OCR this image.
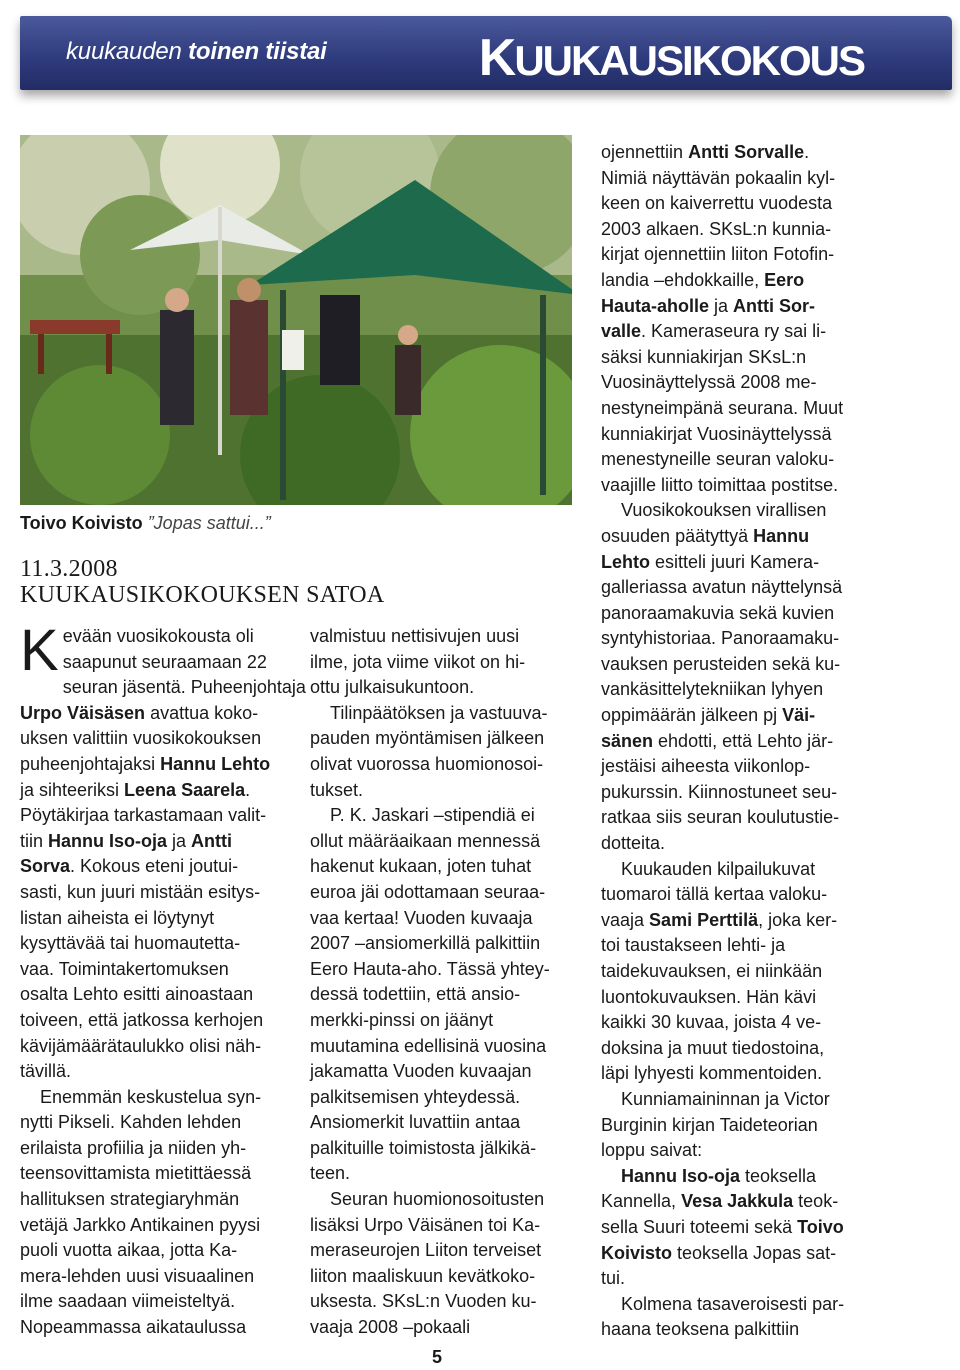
kuukauden toinen tiistai	KUUKAUSIKOKOUS
Toivo Koivisto ”Jopas sattui...”
11.3.2008
KUUKAUSIKOKOUKSEN SATOA

K evään vuosikokousta oli
saapunut seuraamaan 22

seuran jäsentä. Puheenjohtaja
Urpo Väisäsen avattua koko-
uksen valittiin vuosikokouksen
puheenjohtajaksi Hannu Lehto
ja sihteeriksi Leena Saarela.
Pöytäkirjaa tarkastamaan valit-
tiin Hannu Iso-oja ja Antti
Sorva. Kokous eteni joutui-
sasti, kun juuri mistään esitys-
listan aiheista ei löytynyt
kysyttävää tai huomautetta-
vaa. Toimintakertomuksen
osalta Lehto esitti ainoastaan
toiveen, että jatkossa kerhojen
kävijämäärätaulukko olisi näh-
tävillä.

Enemmän keskustelua syn-
nytti Pikseli. Kahden lehden
erilaista profiilia ja niiden yh-
teensovittamista mietittäessä
hallituksen strategiaryhmän
vetäjä Jarkko Antikainen pyysi
puoli vuotta aikaa, jotta Ka-
mera-lehden uusi visuaalinen
ilme saadaan viimeisteltyä.
Nopeammassa aikataulussa

valmistuu nettisivujen uusi
ilme, jota viime viikot on hi-
ottu julkaisukuntoon.

Tilinpäätöksen ja vastuuva-
pauden myöntämisen jälkeen
olivat vuorossa huomionosoi-
tukset.

P. K. Jaskari –stipendiä ei
ollut määräaikaan mennessä
hakenut kukaan, joten tuhat
euroa jäi odottamaan seuraa-
vaa kertaa! Vuoden kuvaaja
2007 –ansiomerkillä palkittiin
Eero Hauta-aho. Tässä yhtey-
dessä todettiin, että ansio-
merkki-pinssi on jäänyt
muutamina edellisinä vuosina
jakamatta Vuoden kuvaajan
palkitsemisen yhteydessä.
Ansiomerkit luvattiin antaa
palkituille toimistosta jälkikä-
teen.

Seuran huomionosoitusten
lisäksi Urpo Väisänen toi Ka-
meraseurojen Liiton terveiset
liiton maaliskuun kevätkoko-
uksesta. SKsL:n Vuoden ku-
vaaja 2008 –pokaali

ojennettiin Antti Sorvalle.
Nimiä näyttävän pokaalin kyl-
keen on kaiverrettu vuodesta
2003 alkaen. SKsL:n kunnia-
kirjat ojennettiin liiton Fotofin-
landia –ehdokkaille, Eero
Hauta-aholle ja Antti Sor-
valle. Kameraseura ry sai li-
säksi kunniakirjan SKsL:n
Vuosinäyttelyssä 2008 me-
nestyneimpänä seurana. Muut
kunniakirjat Vuosinäyttelyssä
menestyneille seuran valoku-
vaajille liitto toimittaa postitse.

Vuosikokouksen virallisen
osuuden päätyttyä Hannu
Lehto esitteli juuri Kamera-
galleriassa avatun näyttelynsä
panoraamakuvia sekä kuvien
syntyhistoriaa. Panoraamaku-
vauksen perusteiden sekä ku-
vankäsittelytekniikan lyhyen
oppimäärän jälkeen pj Väi-
sänen ehdotti, että Lehto jär-
jestäisi aiheesta viikonlop-
pukurssin. Kiinnostuneet seu-
ratkaa siis seuran koulutustie-
dotteita.

Kuukauden kilpailukuvat
tuomaroi tällä kertaa valoku-
vaaja Sami Perttilä, joka ker-
toi taustakseen lehti- ja
taidekuvauksen, ei niinkään
luontokuvauksen. Hän kävi
kaikki 30 kuvaa, joista 4 ve-
doksina ja muut tiedostoina,
läpi lyhyesti kommentoiden.

Kunniamaininnan ja Victor
Burginin kirjan Taideteorian
loppu saivat:

Hannu Iso-oja teoksella
Kannella, Vesa Jakkula teok-
sella Suuri toteemi sekä Toivo
Koivisto teoksella Jopas sat-
tui.

Kolmena tasaveroisesti par-
haana teoksena palkittiin

5
